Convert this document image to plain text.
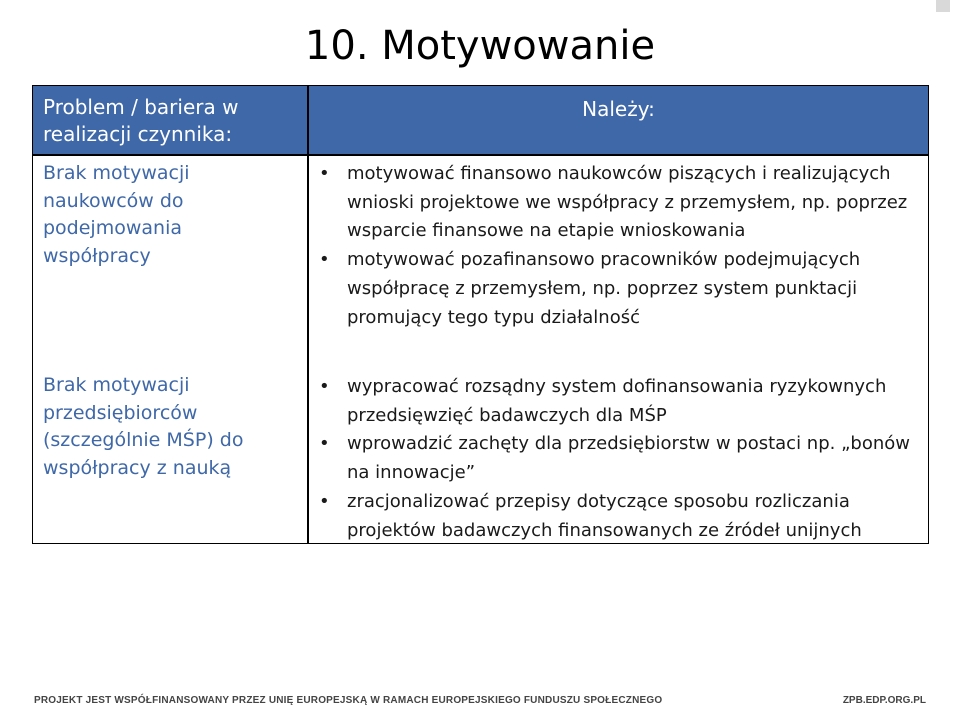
10. Motywowanie
Problem / bariera w realizacji czynnika:
Należy:
Brak motywacji naukowców do podejmowania współpracy
• motywować finansowo naukowców piszących i realizujących wnioski projektowe we współpracy z przemysłem, np. poprzez wsparcie finansowe na etapie wnioskowania
• motywować pozafinansowo pracowników podejmujących współpracę z przemysłem, np. poprzez system punktacji promujący tego typu działalność
Brak motywacji przedsiębiorców (szczególnie MŚP) do współpracy z nauką
• wypracować rozsądny system dofinansowania ryzykownych przedsięwzięć badawczych dla MŚP
• wprowadzić zachęty dla przedsiębiorstw w postaci np. „bonów na innowacje”
• zracjonalizować przepisy dotyczące sposobu rozliczania projektów badawczych finansowanych ze źródeł unijnych
PROJEKT JEST WSPÓŁFINANSOWANY PRZEZ UNIĘ EUROPEJSKĄ W RAMACH EUROPEJSKIEGO FUNDUSZU SPOŁECZNEGO	ZPB.EDP.ORG.PL
